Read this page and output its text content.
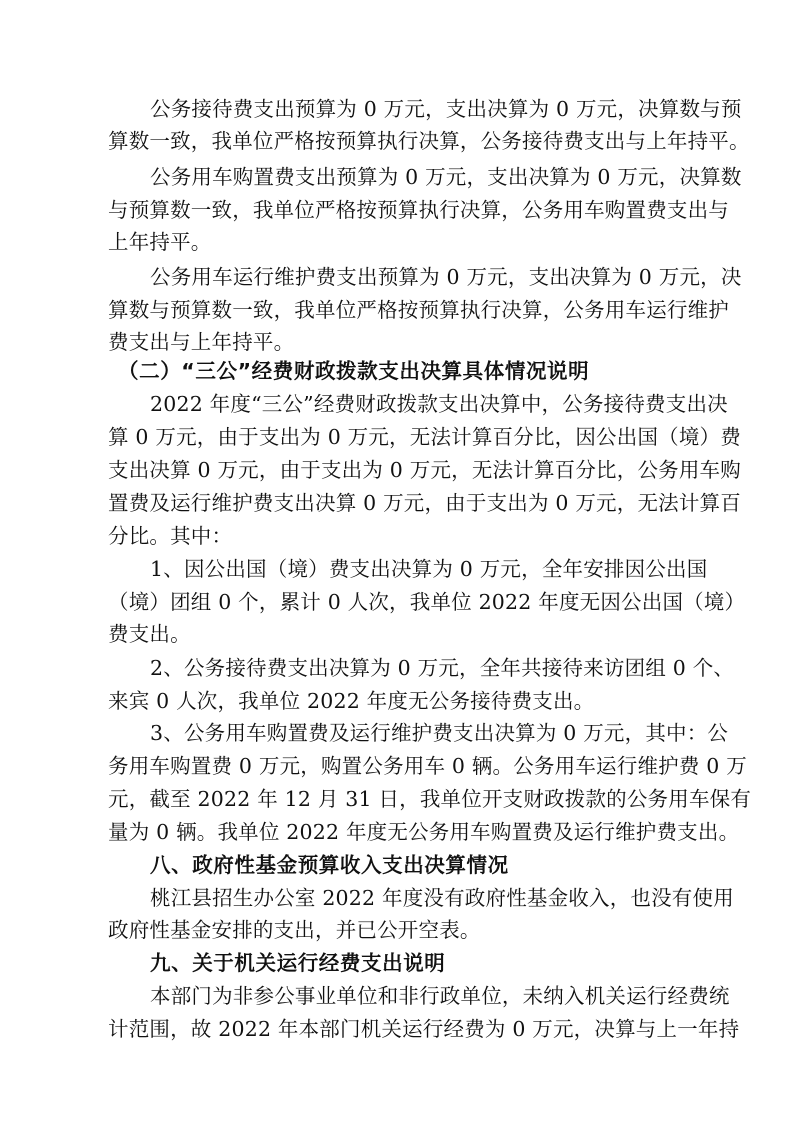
公务接待费支出预算为 0 万元，支出决算为 0 万元，决算数与预
算数一致，我单位严格按预算执行决算，公务接待费支出与上年持平。
公务用车购置费支出预算为 0 万元，支出决算为 0 万元，决算数
与预算数一致，我单位严格按预算执行决算，公务用车购置费支出与
上年持平。
公务用车运行维护费支出预算为 0 万元，支出决算为 0 万元，决
算数与预算数一致，我单位严格按预算执行决算，公务用车运行维护
费支出与上年持平。
（二）“三公”经费财政拨款支出决算具体情况说明
2022 年度“三公”经费财政拨款支出决算中，公务接待费支出决
算 0 万元，由于支出为 0 万元，无法计算百分比，因公出国（境）费
支出决算 0 万元，由于支出为 0 万元，无法计算百分比，公务用车购
置费及运行维护费支出决算 0 万元，由于支出为 0 万元，无法计算百
分比。其中：
1、因公出国（境）费支出决算为 0 万元，全年安排因公出国
（境）团组 0 个，累计 0 人次，我单位 2022 年度无因公出国（境）
费支出。
2、公务接待费支出决算为 0 万元，全年共接待来访团组 0 个、
来宾 0 人次，我单位 2022 年度无公务接待费支出。
3、公务用车购置费及运行维护费支出决算为 0 万元，其中：公
务用车购置费 0 万元，购置公务用车 0 辆。公务用车运行维护费 0 万
元，截至 2022 年 12 月 31 日，我单位开支财政拨款的公务用车保有
量为 0 辆。我单位 2022 年度无公务用车购置费及运行维护费支出。
八、政府性基金预算收入支出决算情况
桃江县招生办公室 2022 年度没有政府性基金收入，也没有使用
政府性基金安排的支出，并已公开空表。
九、关于机关运行经费支出说明
本部门为非参公事业单位和非行政单位，未纳入机关运行经费统
计范围，故 2022 年本部门机关运行经费为 0 万元，决算与上一年持
